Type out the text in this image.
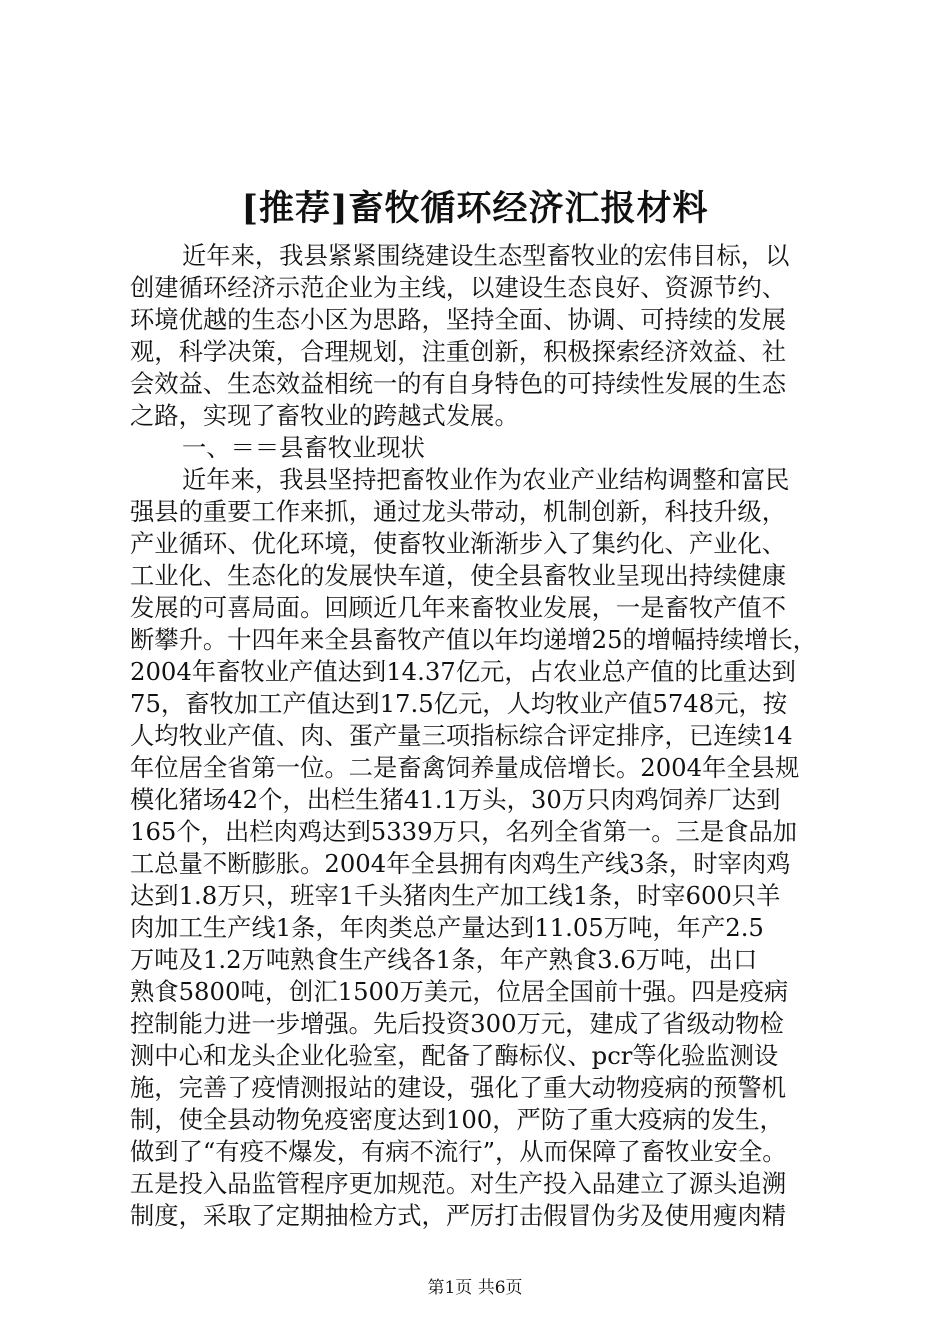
[推荐]畜牧循环经济汇报材料
近年来，我县紧紧围绕建设生态型畜牧业的宏伟目标，以
创建循环经济示范企业为主线，以建设生态良好、资源节约、
环境优越的生态小区为思路，坚持全面、协调、可持续的发展
观，科学决策，合理规划，注重创新，积极探索经济效益、社
会效益、生态效益相统一的有自身特色的可持续性发展的生态
之路，实现了畜牧业的跨越式发展。
一、＝＝县畜牧业现状
近年来，我县坚持把畜牧业作为农业产业结构调整和富民
强县的重要工作来抓，通过龙头带动，机制创新，科技升级，
产业循环、优化环境，使畜牧业渐渐步入了集约化、产业化、
工业化、生态化的发展快车道，使全县畜牧业呈现出持续健康
发展的可喜局面。回顾近几年来畜牧业发展，一是畜牧产值不
断攀升。十四年来全县畜牧产值以年均递增25的增幅持续增长，
2004年畜牧业产值达到14.37亿元，占农业总产值的比重达到
75，畜牧加工产值达到17.5亿元，人均牧业产值5748元，按
人均牧业产值、肉、蛋产量三项指标综合评定排序，已连续14
年位居全省第一位。二是畜禽饲养量成倍增长。2004年全县规
模化猪场42个，出栏生猪41.1万头，30万只肉鸡饲养厂达到
165个，出栏肉鸡达到5339万只，名列全省第一。三是食品加
工总量不断膨胀。2004年全县拥有肉鸡生产线3条，时宰肉鸡
达到1.8万只，班宰1千头猪肉生产加工线1条，时宰600只羊
肉加工生产线1条，年肉类总产量达到11.05万吨，年产2.5
万吨及1.2万吨熟食生产线各1条，年产熟食3.6万吨，出口
熟食5800吨，创汇1500万美元，位居全国前十强。四是疫病
控制能力进一步增强。先后投资300万元，建成了省级动物检
测中心和龙头企业化验室，配备了酶标仪、pcr等化验监测设
施，完善了疫情测报站的建设，强化了重大动物疫病的预警机
制，使全县动物免疫密度达到100，严防了重大疫病的发生，
做到了“有疫不爆发，有病不流行”，从而保障了畜牧业安全。
五是投入品监管程序更加规范。对生产投入品建立了源头追溯
制度，采取了定期抽检方式，严厉打击假冒伪劣及使用瘦肉精
第1页 共6页
